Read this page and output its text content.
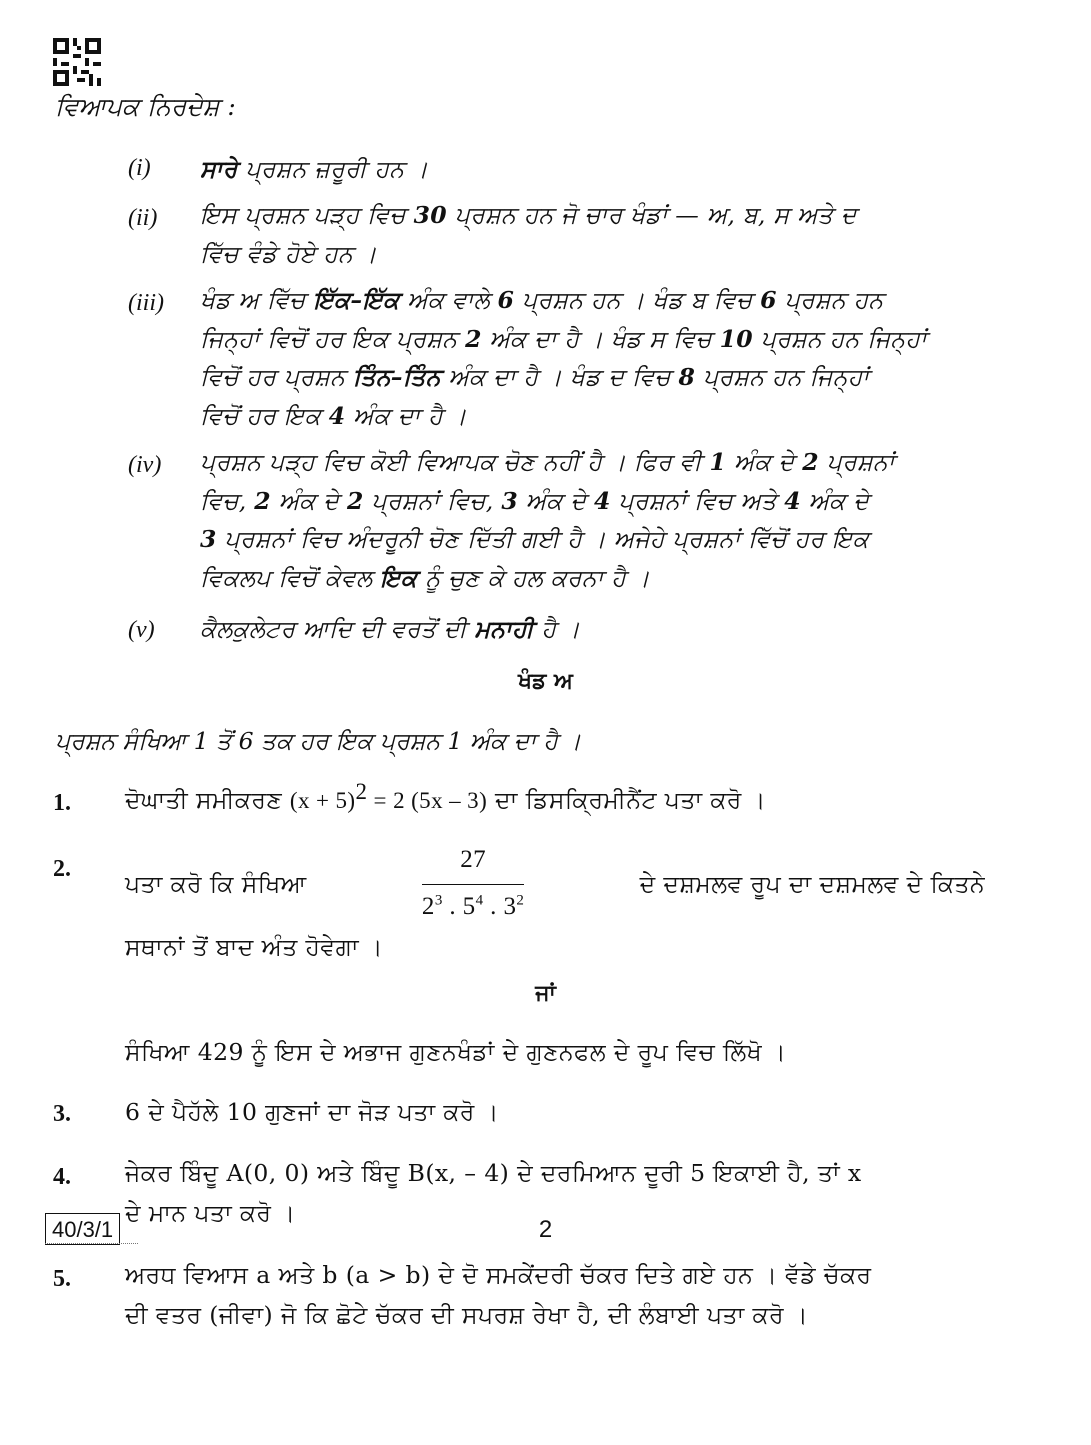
ਵਿਆਪਕ ਨਿਰਦੇਸ਼ :
(i) ਸਾਰੇ ਪ੍ਰਸ਼ਨ ਜ਼ਰੂਰੀ ਹਨ ।
(ii) ਇਸ ਪ੍ਰਸ਼ਨ ਪੜ੍ਹ ਵਿਚ 30 ਪ੍ਰਸ਼ਨ ਹਨ ਜੋ ਚਾਰ ਖੰਡਾਂ — ਅ, ਬ, ਸ ਅਤੇ ਦ
ਵਿੱਚ ਵੰਡੇ ਹੋਏ ਹਨ ।
(iii) ਖੰਡ ਅ ਵਿੱਚ ਇੱਕ–ਇੱਕ ਅੰਕ ਵਾਲੇ 6 ਪ੍ਰਸ਼ਨ ਹਨ । ਖੰਡ ਬ ਵਿਚ 6 ਪ੍ਰਸ਼ਨ ਹਨ
ਜਿਨ੍ਹਾਂ ਵਿਚੋਂ ਹਰ ਇਕ ਪ੍ਰਸ਼ਨ 2 ਅੰਕ ਦਾ ਹੈ । ਖੰਡ ਸ ਵਿਚ 10 ਪ੍ਰਸ਼ਨ ਹਨ ਜਿਨ੍ਹਾਂ
ਵਿਚੋਂ ਹਰ ਪ੍ਰਸ਼ਨ ਤਿੰਨ–ਤਿੰਨ ਅੰਕ ਦਾ ਹੈ । ਖੰਡ ਦ ਵਿਚ 8 ਪ੍ਰਸ਼ਨ ਹਨ ਜਿਨ੍ਹਾਂ
ਵਿਚੋਂ ਹਰ ਇਕ 4 ਅੰਕ ਦਾ ਹੈ ।
(iv) ਪ੍ਰਸ਼ਨ ਪੜ੍ਹ ਵਿਚ ਕੋਈ ਵਿਆਪਕ ਚੋਣ ਨਹੀਂ ਹੈ । ਫਿਰ ਵੀ 1 ਅੰਕ ਦੇ 2 ਪ੍ਰਸ਼ਨਾਂ
ਵਿਚ, 2 ਅੰਕ ਦੇ 2 ਪ੍ਰਸ਼ਨਾਂ ਵਿਚ, 3 ਅੰਕ ਦੇ 4 ਪ੍ਰਸ਼ਨਾਂ ਵਿਚ ਅਤੇ 4 ਅੰਕ ਦੇ
3 ਪ੍ਰਸ਼ਨਾਂ ਵਿਚ ਅੰਦਰੂਨੀ ਚੋਣ ਦਿੱਤੀ ਗਈ ਹੈ । ਅਜੇਹੇ ਪ੍ਰਸ਼ਨਾਂ ਵਿੱਚੋਂ ਹਰ ਇਕ
ਵਿਕਲਪ ਵਿਚੋਂ ਕੇਵਲ ਇਕ ਨੂੰ ਚੁਣ ਕੇ ਹਲ ਕਰਨਾ ਹੈ ।
(v) ਕੈਲਕੁਲੇਟਰ ਆਦਿ ਦੀ ਵਰਤੋਂ ਦੀ ਮਨਾਹੀ ਹੈ ।
ਖੰਡ ਅ
ਪ੍ਰਸ਼ਨ ਸੰਖਿਆ 1 ਤੋਂ 6 ਤਕ ਹਰ ਇਕ ਪ੍ਰਸ਼ਨ 1 ਅੰਕ ਦਾ ਹੈ ।
1. ਦੋਘਾਤੀ ਸਮੀਕਰਣ $(x + 5)^2 = 2$ (5x – 3) ਦਾ ਡਿਸਕ੍ਰਿਮੀਨੈਂਟ ਪਤਾ ਕਰੋ ।
2.
ਪਤਾ ਕਰੋ ਕਿ ਸੰਖਿਆ	$\frac{27}{2^3 . 5^4 . 3^2}$	ਦੇ ਦਸ਼ਮਲਵ ਰੂਪ ਦਾ ਦਸ਼ਮਲਵ ਦੇ ਕਿਤਨੇ
ਸਥਾਨਾਂ ਤੋਂ ਬਾਦ ਅੰਤ ਹੋਵੇਗਾ ।
ਜਾਂ
ਸੰਖਿਆ 429 ਨੂੰ ਇਸ ਦੇ ਅਭਾਜ ਗੁਣਨਖੰਡਾਂ ਦੇ ਗੁਣਨਫਲ ਦੇ ਰੂਪ ਵਿਚ ਲਿੱਖੋ ।
3. 6 ਦੇ ਪੈਹੱਲੇ 10 ਗੁਣਜਾਂ ਦਾ ਜੋੜ ਪਤਾ ਕਰੋ ।
4. ਜੇਕਰ ਬਿੰਦੂ A(0, 0) ਅਤੇ ਬਿੰਦੂ B(x, – 4) ਦੇ ਦਰਮਿਆਨ ਦੂਰੀ 5 ਇਕਾਈ ਹੈ, ਤਾਂ x
ਦੇ ਮਾਨ ਪਤਾ ਕਰੋ ।
5. ਅਰਧ ਵਿਆਸ a ਅਤੇ b (a > b) ਦੇ ਦੋ ਸਮਕੇਂਦਰੀ ਚੱਕਰ ਦਿਤੇ ਗਏ ਹਨ । ਵੱਡੇ ਚੱਕਰ
ਦੀ ਵਤਰ (ਜੀਵਾ) ਜੋ ਕਿ ਛੋਟੇ ਚੱਕਰ ਦੀ ਸਪਰਸ਼ ਰੇਖਾ ਹੈ, ਦੀ ਲੰਬਾਈ ਪਤਾ ਕਰੋ ।
40/3/1	2
